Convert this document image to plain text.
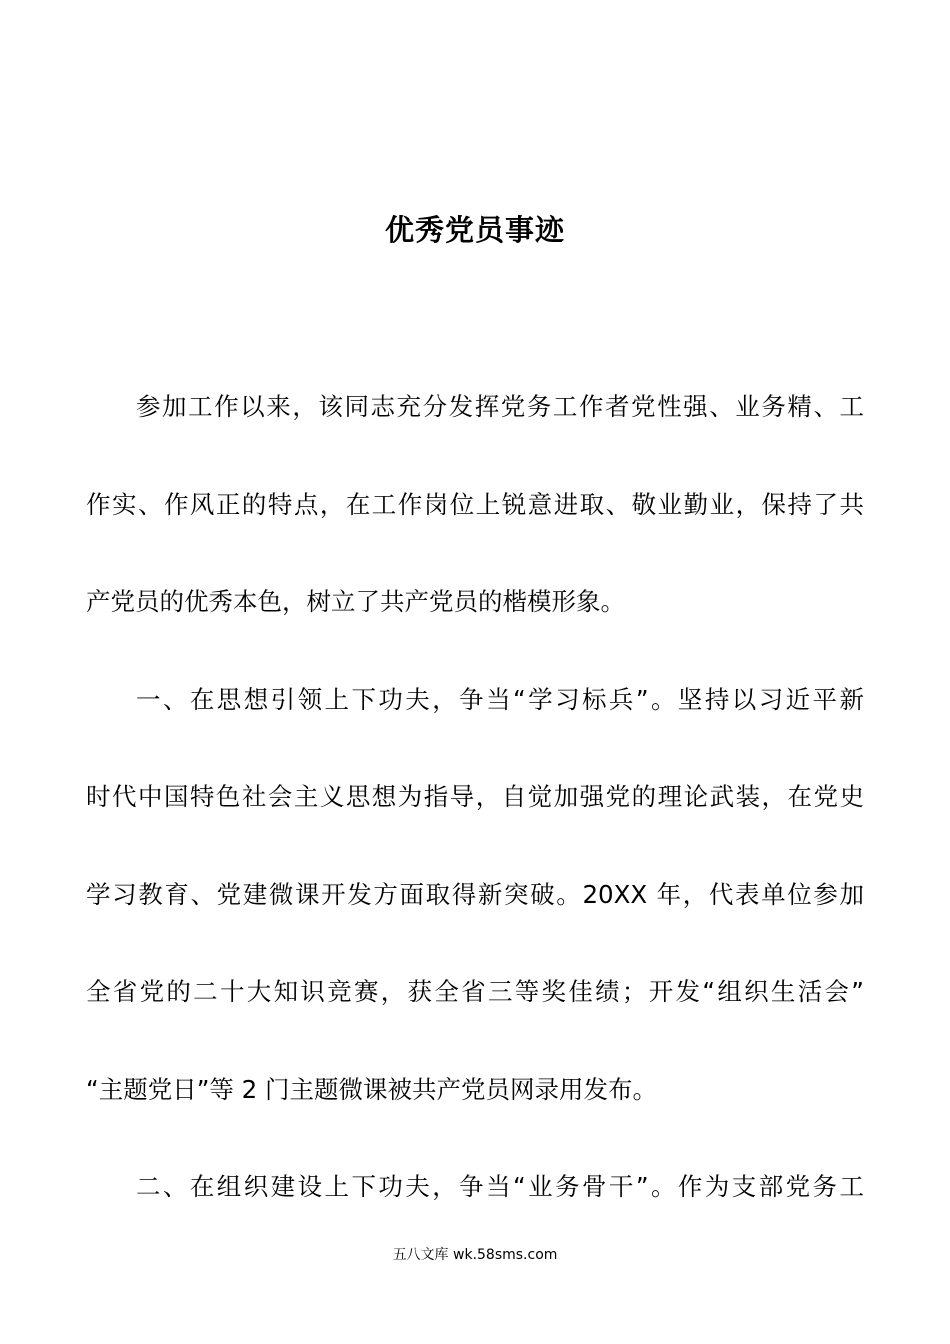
优秀党员事迹
参加工作以来，该同志充分发挥党务工作者党性强、业务精、工
作实、作风正的特点，在工作岗位上锐意进取、敬业勤业，保持了共
产党员的优秀本色，树立了共产党员的楷模形象。
一、在思想引领上下功夫，争当“学习标兵”。坚持以习近平新
时代中国特色社会主义思想为指导，自觉加强党的理论武装，在党史
学习教育、党建微课开发方面取得新突破。20XX 年，代表单位参加
全省党的二十大知识竞赛，获全省三等奖佳绩；开发“组织生活会”
“主题党日”等 2 门主题微课被共产党员网录用发布。
二、在组织建设上下功夫，争当“业务骨干”。作为支部党务工
五八文库 wk.58sms.com
